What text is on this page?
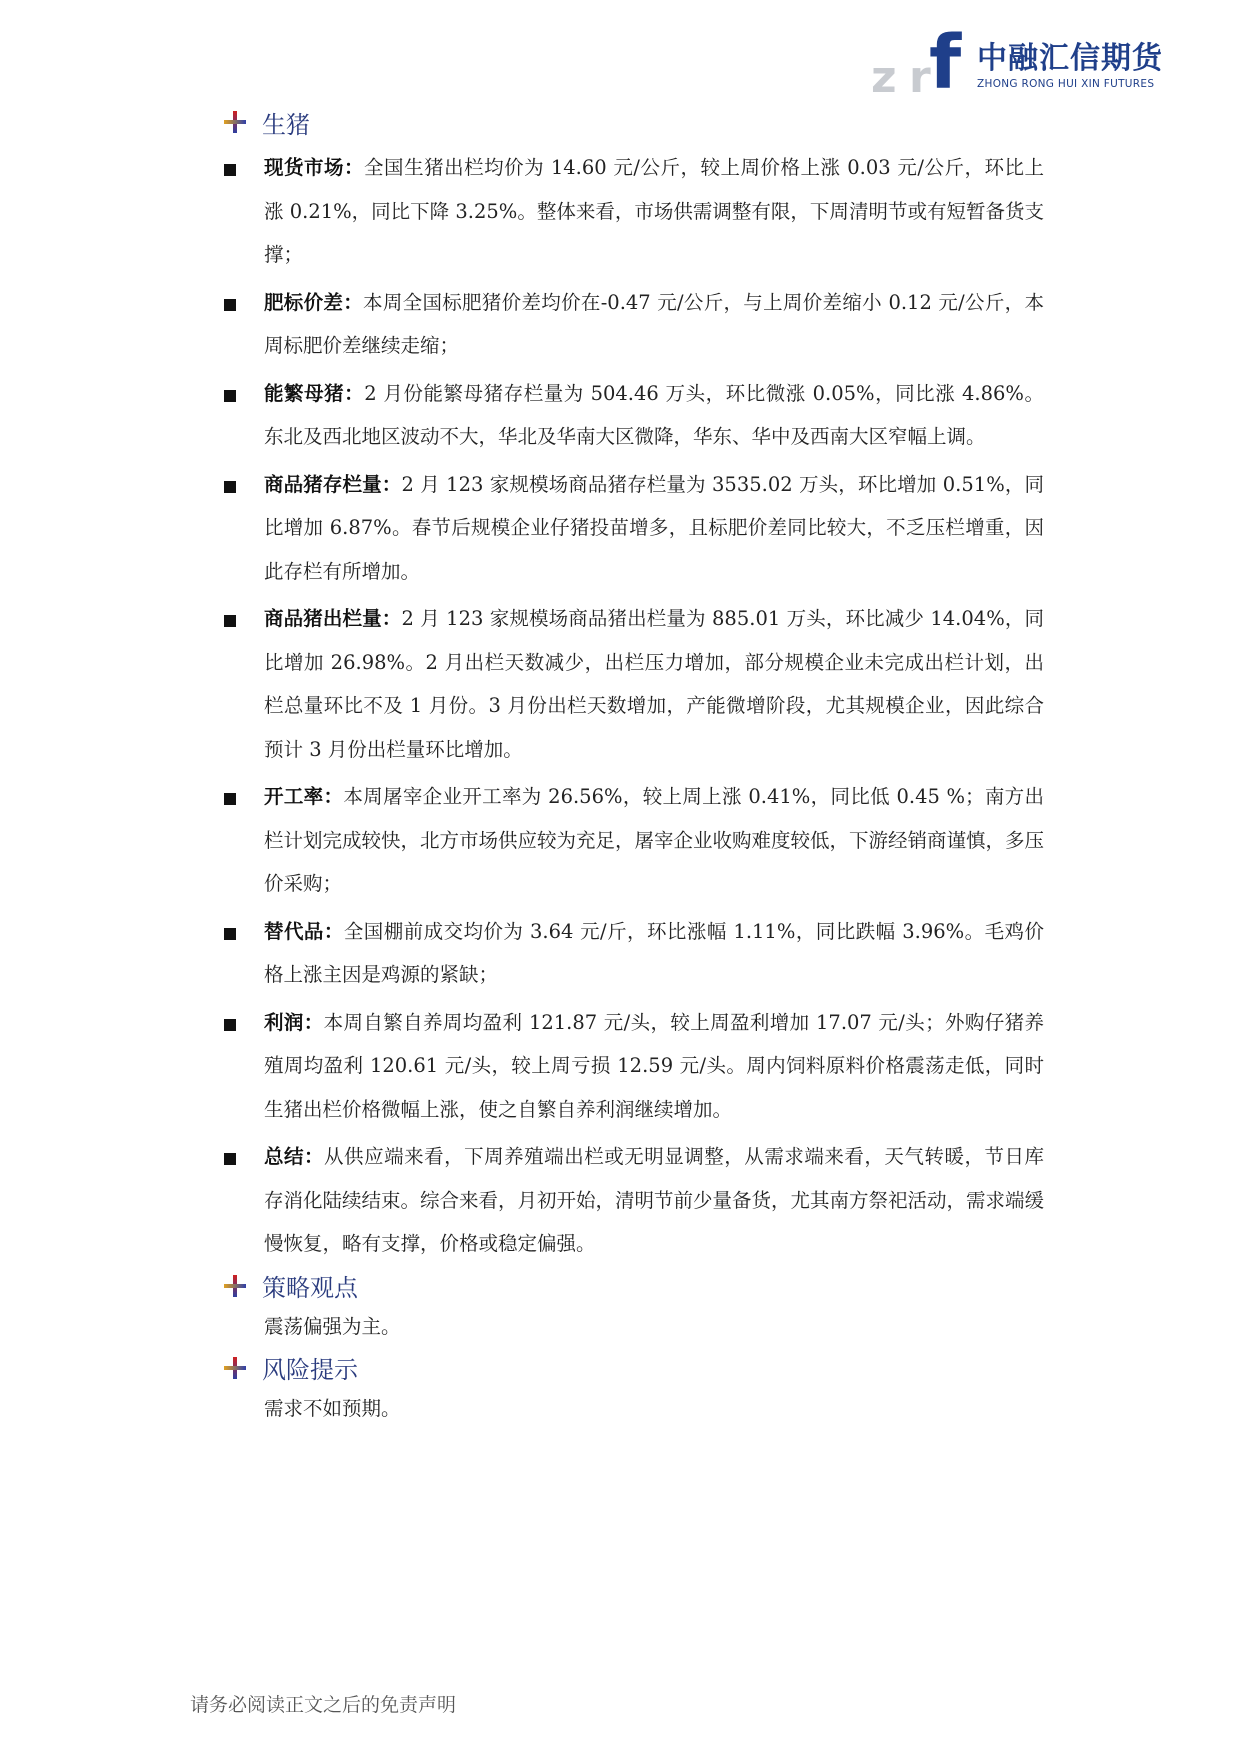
z r
f 中融汇信期货
ZHONG RONG HUI XIN FUTURES
生猪
现货市场：全国生猪出栏均价为 14.60 元/公斤，较上周价格上涨 0.03 元/公斤，环比上涨 0.21%，同比下降 3.25%。整体来看，市场供需调整有限，下周清明节或有短暂备货支撑；
肥标价差：本周全国标肥猪价差均价在-0.47 元/公斤，与上周价差缩小 0.12 元/公斤，本周标肥价差继续走缩；
能繁母猪：2 月份能繁母猪存栏量为 504.46 万头，环比微涨 0.05%，同比涨 4.86%。东北及西北地区波动不大，华北及华南大区微降，华东、华中及西南大区窄幅上调。
商品猪存栏量：2 月 123 家规模场商品猪存栏量为 3535.02 万头，环比增加 0.51%，同比增加 6.87%。春节后规模企业仔猪投苗增多，且标肥价差同比较大，不乏压栏增重，因此存栏有所增加。
商品猪出栏量：2 月 123 家规模场商品猪出栏量为 885.01 万头，环比减少 14.04%，同比增加 26.98%。2 月出栏天数减少，出栏压力增加，部分规模企业未完成出栏计划，出栏总量环比不及 1 月份。3 月份出栏天数增加，产能微增阶段，尤其规模企业，因此综合预计 3 月份出栏量环比增加。
开工率：本周屠宰企业开工率为 26.56%，较上周上涨 0.41%，同比低 0.45 %；南方出栏计划完成较快，北方市场供应较为充足，屠宰企业收购难度较低，下游经销商谨慎，多压价采购；
替代品：全国棚前成交均价为 3.64 元/斤，环比涨幅 1.11%，同比跌幅 3.96%。毛鸡价格上涨主因是鸡源的紧缺；
利润：本周自繁自养周均盈利 121.87 元/头，较上周盈利增加 17.07 元/头；外购仔猪养殖周均盈利 120.61 元/头，较上周亏损 12.59 元/头。周内饲料原料价格震荡走低，同时生猪出栏价格微幅上涨，使之自繁自养利润继续增加。
总结：从供应端来看，下周养殖端出栏或无明显调整，从需求端来看，天气转暖，节日库存消化陆续结束。综合来看，月初开始，清明节前少量备货，尤其南方祭祀活动，需求端缓慢恢复，略有支撑，价格或稳定偏强。
策略观点
震荡偏强为主。
风险提示
需求不如预期。
请务必阅读正文之后的免责声明
